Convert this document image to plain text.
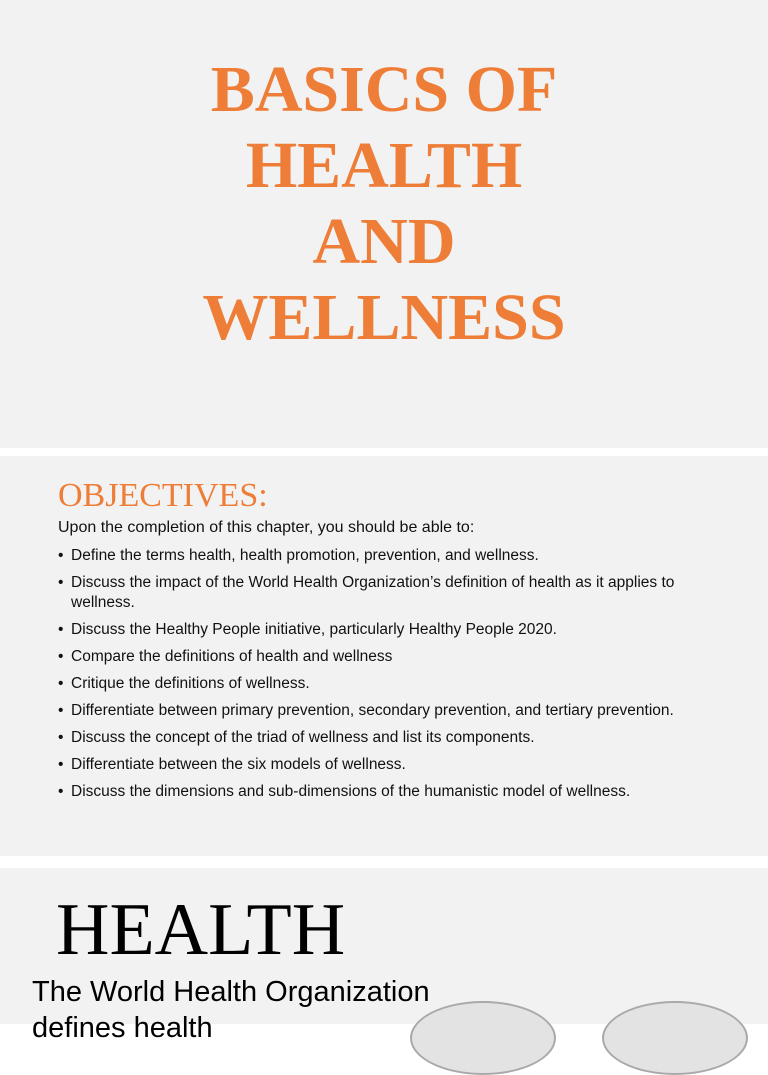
BASICS OF
HEALTH
AND
WELLNESS
OBJECTIVES:

Upon the completion of this chapter, you should be able to:

• Define the terms health, health promotion, prevention, and wellness.
• Discuss the impact of the World Health Organization’s definition of health as it applies to wellness.
• Discuss the Healthy People initiative, particularly Healthy People 2020.
• Compare the definitions of health and wellness
• Critique the definitions of wellness.
• Differentiate between primary prevention, secondary prevention, and tertiary prevention.
• Discuss the concept of the triad of wellness and list its components.
• Differentiate between the six models of wellness.
• Discuss the dimensions and sub-dimensions of the humanistic model of wellness.
HEALTH

The World Health Organization defines health
